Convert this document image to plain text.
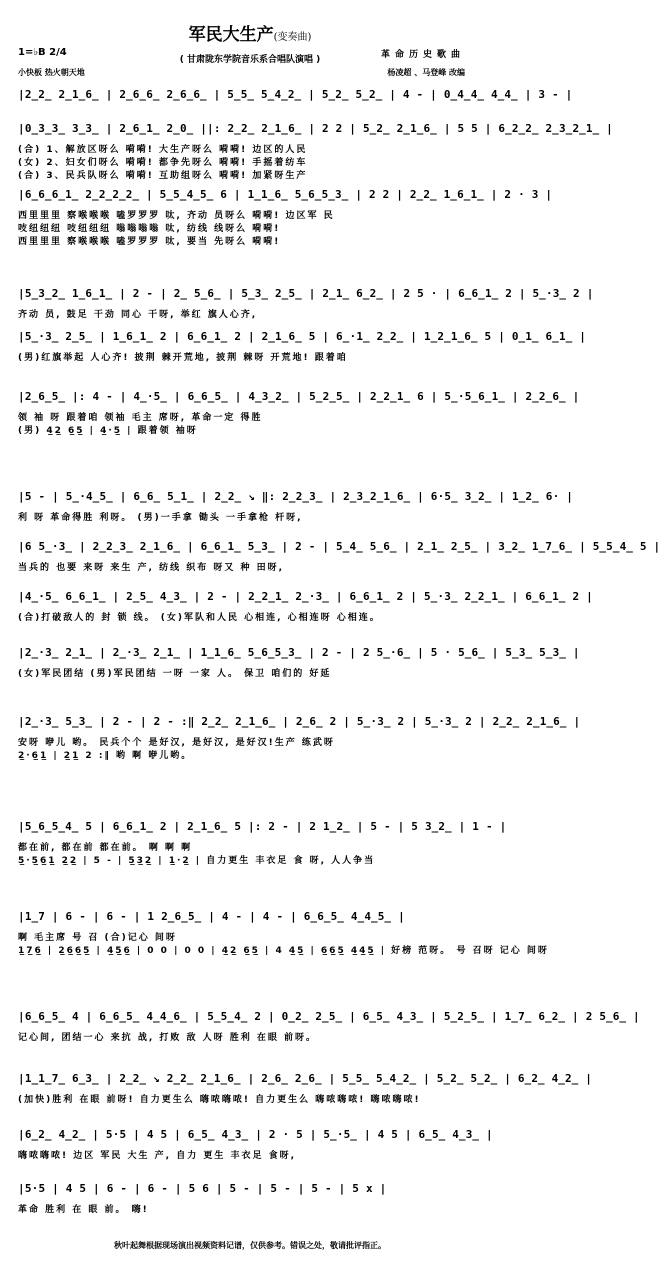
军民大生产(变奏曲)
( 甘肃陇东学院音乐系合唱队演唱 )
1=♭B 2/4
小快板 热火朝天地
革命历史歌曲
杨凌超 、马登峰 改编
|2̲2̲ 2̲1̲6̲ | 2̲6̲6̲ 2̲6̲6̲ | 5̲5̲ 5̲4̲2̲ | 5̲2̲ 5̲2̲ | 4 - | 0̲4̲4̲ 4̲4̲ | 3 - |
|0̲3̲3̲ 3̲3̲ | 2̲6̲1̲ 2̲0̲ ||: 2̲2̲ 2̲1̲6̲ | 2 2 | 5̲2̲ 2̲1̲6̲ | 5 5 | 6̲2̲2̲ 2̲3̲2̲1̲ |
(合) 1、解放区呀么 嗬嗬! 大生产呀么 嗬嗬! 边区的人民
(女) 2、妇女们呀么 嗬嗬! 都争先呀么 嗬嗬! 手摇着纺车
(合) 3、民兵队呀么 嗬嗬! 互助组呀么 嗬嗬! 加紧呀生产
|6̲6̲6̲1̲ 2̲2̲2̲2̲ | 5̲5̲4̲5̲ 6 | 1̲1̲6̲ 5̲6̲5̲3̲ | 2 2 | 2̲2̲ 1̲6̲1̲ | 2 · 3 |
西里里里 察喉喉喉 嗑罗罗罗 呔, 齐动 员呀么 嗬嗬! 边区军 民
吱纽纽纽 吱纽纽纽 嗡嗡嗡嗡 呔, 纺线 线呀么 嗬嗬!
西里里里 察喉喉喉 嗑罗罗罗 呔, 要当 先呀么 嗬嗬!
|5̲3̲2̲ 1̲6̲1̲ | 2 - | 2̲ 5̲6̲ | 5̲3̲ 2̲5̲ | 2̲1̲ 6̲2̲ | 2 5 · | 6̲6̲1̲ 2 | 5̲·3̲ 2 |
齐动 员, 鼓足 干劲 同心 干呀, 举红 旗人心齐,
|5̲·3̲ 2̲5̲ | 1̲6̲1̲ 2 | 6̲6̲1̲ 2 | 2̲1̲6̲ 5 | 6̲·1̲ 2̲2̲ | 1̲2̲1̲6̲ 5 | 0̲1̲ 6̲1̲ |
(男)红旗举起 人心齐! 披荆 棘开荒地, 披荆 棘呀 开荒地! 跟着咱
|2̲6̲5̲ |: 4 - | 4̲·5̲ | 6̲6̲5̲ | 4̲3̲2̲ | 5̲2̲5̲ | 2̲2̲1̲ 6 | 5̲·5̲6̲1̲ | 2̲2̲6̲ |
领 袖 呀 跟着咱 领袖 毛主 席呀, 革命一定 得胜
(男) 4̲2̲ 6̲5̲ | 4̲·5̲ | 跟着领 袖呀
|5 - | 5̲·4̲5̲ | 6̲6̲ 5̲1̲ | 2̲2̲ ↘ ‖: 2̲2̲3̲ | 2̲3̲2̲1̲6̲ | 6·5̲ 3̲2̲ | 1̲2̲ 6· |
利 呀 革命得胜 利呀。 (男)一手拿 锄头 一手拿枪 杆呀,
|6 5̲·3̲ | 2̲2̲3̲ 2̲1̲6̲ | 6̲6̲1̲ 5̲3̲ | 2 - | 5̲4̲ 5̲6̲ | 2̲1̲ 2̲5̲ | 3̲2̲ 1̲7̲6̲ | 5̲5̲4̲ 5 |
当兵的 也要 来呀 来生 产, 纺线 织布 呀又 种 田呀,
|4̲·5̲ 6̲6̲1̲ | 2̲5̲ 4̲3̲ | 2 - | 2̲2̲1̲ 2̲·3̲ | 6̲6̲1̲ 2 | 5̲·3̲ 2̲2̲1̲ | 6̲6̲1̲ 2 |
(合)打破敌人的 封 锁 线。 (女)军队和人民 心相连, 心相连呀 心相连。
|2̲·3̲ 2̲1̲ | 2̲·3̲ 2̲1̲ | 1̲1̲6̲ 5̲6̲5̲3̲ | 2 - | 2 5̲·6̲ | 5 · 5̲6̲ | 5̲3̲ 5̲3̲ |
(女)军民团结 (男)军民团结 一呀 一家 人。 保卫 咱们的 好延
|2̲·3̲ 5̲3̲ | 2 - | 2 - :‖ 2̲2̲ 2̲1̲6̲ | 2̲6̲ 2 | 5̲·3̲ 2 | 5̲·3̲ 2 | 2̲2̲ 2̲1̲6̲ |
安呀 咿儿 哟。 民兵个个 是好汉, 是好汉, 是好汉!生产 练武呀
2̲·6̲1̲ | 2̲1̲ 2 :‖ 哟 啊 咿儿哟。
|5̲6̲5̲4̲ 5 | 6̲6̲1̲ 2 | 2̲1̲6̲ 5 |: 2 - | 2 1̲2̲ | 5 - | 5 3̲2̲ | 1 - |
都在前, 都在前 都在前。 啊 啊 啊
5̲·5̲6̲1̲ 2̲2̲ | 5 - | 5̲3̲2̲ | 1̲·2̲ | 自力更生 丰衣足 食 呀, 人人争当
|1̲7 | 6 - | 6 - | 1 2̲6̲5̲ | 4 - | 4 - | 6̲6̲5̲ 4̲4̲5̲ |
啊 毛主席 号 召 (合)记心 间呀
1̲7̲6̲ | 2̲6̲6̲5̲ | 4̲5̲6̲ | 0 0 | 0 0 | 4̲2̲ 6̲5̲ | 4 4̲5̲ | 6̲6̲5̲ 4̲4̲5̲ | 好榜 范呀。 号 召呀 记心 间呀
|6̲6̲5̲ 4 | 6̲6̲5̲ 4̲4̲6̲ | 5̲5̲4̲ 2 | 0̲2̲ 2̲5̲ | 6̲5̲ 4̲3̲ | 5̲2̲5̲ | 1̲7̲ 6̲2̲ | 2 5̲6̲ |
记心间, 团结一心 来抗 战, 打败 敌 人呀 胜利 在眼 前呀。
|1̲1̲7̲ 6̲3̲ | 2̲2̲ ↘ 2̲2̲ 2̲1̲6̲ | 2̲6̲ 2̲6̲ | 5̲5̲ 5̲4̲2̲ | 5̲2̲ 5̲2̲ | 6̲2̲ 4̲2̲ |
(加快)胜利 在眼 前呀! 自力更生么 嗨哝嗨哝! 自力更生么 嗨哝嗨哝! 嗨哝嗨哝!
|6̲2̲ 4̲2̲ | 5·5 | 4 5 | 6̲5̲ 4̲3̲ | 2 · 5 | 5̲·5̲ | 4 5 | 6̲5̲ 4̲3̲ |
嗨哝嗨哝! 边区 军民 大生 产, 自力 更生 丰衣足 食呀,
|5·5 | 4 5 | 6 - | 6 - | 5 6 | 5 - | 5 - | 5 - | 5 x |
革命 胜利 在 眼 前。 嗨!
秋叶起舞根据现场演出视频资料记谱，仅供参考。错误之处，敬请批评指正。
